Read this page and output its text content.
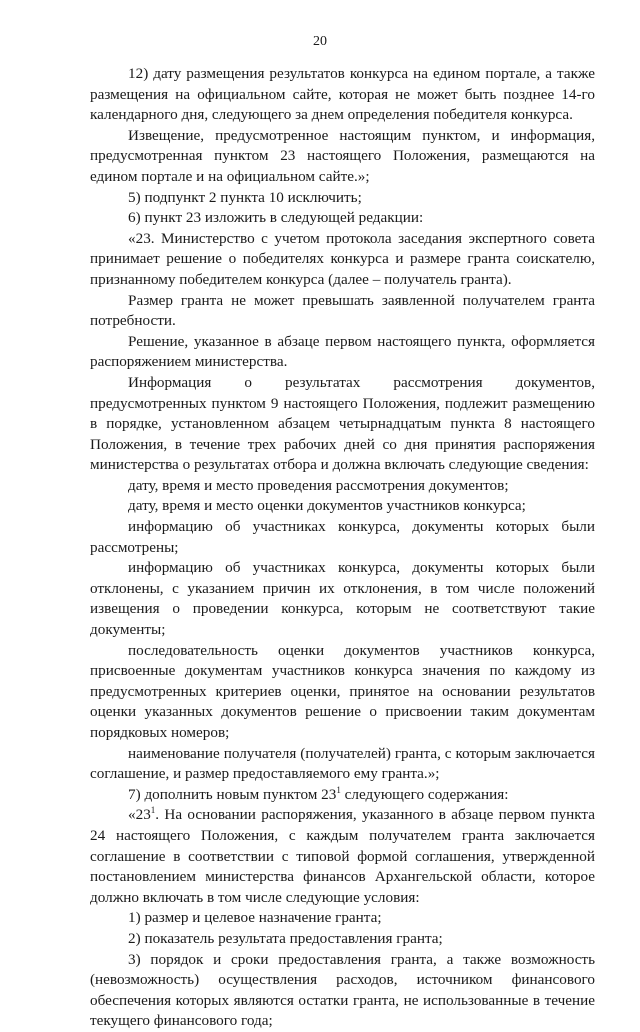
20

12) дату размещения результатов конкурса на едином портале, а также размещения на официальном сайте, которая не может быть позднее 14-го календарного дня, следующего за днем определения победителя конкурса.

Извещение, предусмотренное настоящим пунктом, и информация, предусмотренная пунктом 23 настоящего Положения, размещаются на едином портале и на официальном сайте.»;

5) подпункт 2 пункта 10 исключить;

6) пункт 23 изложить в следующей редакции:

«23. Министерство с учетом протокола заседания экспертного совета принимает решение о победителях конкурса и размере гранта соискателю, признанному победителем конкурса (далее – получатель гранта).

Размер гранта не может превышать заявленной получателем гранта потребности.

Решение, указанное в абзаце первом настоящего пункта, оформляется распоряжением министерства.

Информация о результатах рассмотрения документов, предусмотренных пунктом 9 настоящего Положения, подлежит размещению в порядке, установленном абзацем четырнадцатым пункта 8 настоящего Положения, в течение трех рабочих дней со дня принятия распоряжения министерства о результатах отбора и должна включать следующие сведения:

дату, время и место проведения рассмотрения документов;

дату, время и место оценки документов участников конкурса;

информацию об участниках конкурса, документы которых были рассмотрены;

информацию об участниках конкурса, документы которых были отклонены, с указанием причин их отклонения, в том числе положений извещения о проведении конкурса, которым не соответствуют такие документы;

последовательность оценки документов участников конкурса, присвоенные документам участников конкурса значения по каждому из предусмотренных критериев оценки, принятое на основании результатов оценки указанных документов решение о присвоении таким документам порядковых номеров;

наименование получателя (получателей) гранта, с которым заключается соглашение, и размер предоставляемого ему гранта.»;

7) дополнить новым пунктом $23^1$ следующего содержания:

«$23^1$. На основании распоряжения, указанного в абзаце первом пункта 24 настоящего Положения, с каждым получателем гранта заключается соглашение в соответствии с типовой формой соглашения, утвержденной постановлением министерства финансов Архангельской области, которое должно включать в том числе следующие условия:

1) размер и целевое назначение гранта;

2) показатель результата предоставления гранта;

3) порядок и сроки предоставления гранта, а также возможность (невозможность) осуществления расходов, источником финансового обеспечения которых являются остатки гранта, не использованные в течение текущего финансового года;
